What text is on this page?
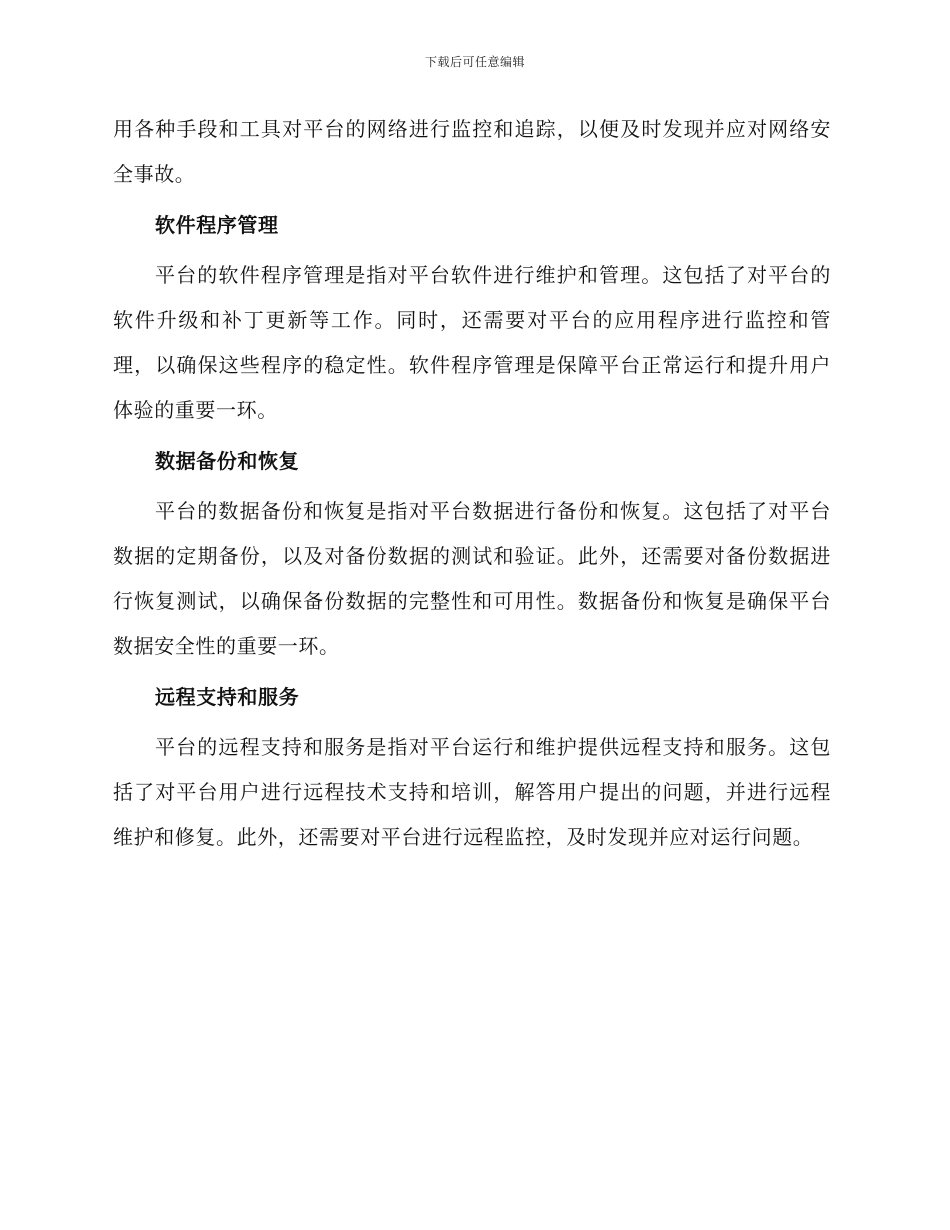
下载后可任意编辑

用各种手段和工具对平台的网络进行监控和追踪，以便及时发现并应对网络安全事故。

软件程序管理

平台的软件程序管理是指对平台软件进行维护和管理。这包括了对平台的软件升级和补丁更新等工作。同时，还需要对平台的应用程序进行监控和管理，以确保这些程序的稳定性。软件程序管理是保障平台正常运行和提升用户体验的重要一环。

数据备份和恢复

平台的数据备份和恢复是指对平台数据进行备份和恢复。这包括了对平台数据的定期备份，以及对备份数据的测试和验证。此外，还需要对备份数据进行恢复测试，以确保备份数据的完整性和可用性。数据备份和恢复是确保平台数据安全性的重要一环。

远程支持和服务

平台的远程支持和服务是指对平台运行和维护提供远程支持和服务。这包括了对平台用户进行远程技术支持和培训，解答用户提出的问题，并进行远程维护和修复。此外，还需要对平台进行远程监控，及时发现并应对运行问题。
